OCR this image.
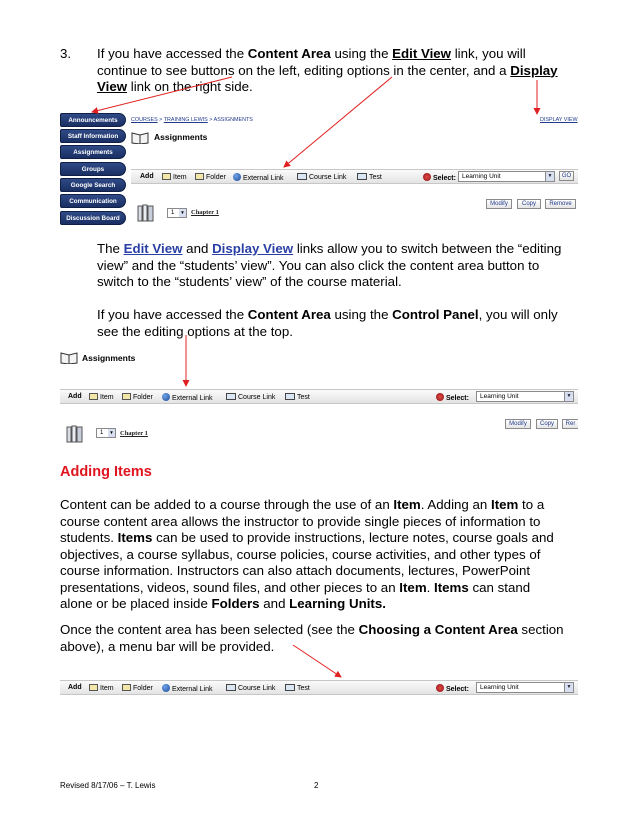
3. If you have accessed the Content Area using the Edit View link, you will
continue to see buttons on the left, editing options in the center, and a Display
View link on the right side.
Announcements
Staff Information
Assignments
Groups
Google Search
Communication
Discussion Board
COURSES > TRAINING LEWIS > ASSIGNMENTS	DISPLAY VIEW
Assignments
Add	Item	Folder	External Link	Course Link	Test	Select: Learning Unit	▼	GO
Modify	Copy	Remove
1 ▼ Chapter 1
The Edit View and Display View links allow you to switch between the “editing
view” and the “students’ view”. You can also click the content area button to
switch to the “students’ view” of the course material.
If you have accessed the Content Area using the Control Panel, you will only
see the editing options at the top.
Assignments
Add	Item	Folder	External Link	Course Link	Test	Select:	Learning Unit	▼
Modify	Copy	Rer
1 ▼ Chapter 1
Adding Items
Content can be added to a course through the use of an Item. Adding an Item to a
course content area allows the instructor to provide single pieces of information to
students. Items can be used to provide instructions, lecture notes, course goals and
objectives, a course syllabus, course policies, course activities, and other types of
course information. Instructors can also attach documents, lectures, PowerPoint
presentations, videos, sound files, and other pieces to an Item. Items can stand
alone or be placed inside Folders and Learning Units.
Once the content area has been selected (see the Choosing a Content Area section
above), a menu bar will be provided.
Add	Item	Folder	External Link	Course Link	Test	Select:	Learning Unit	▼
Revised 8/17/06 – T. Lewis	2
